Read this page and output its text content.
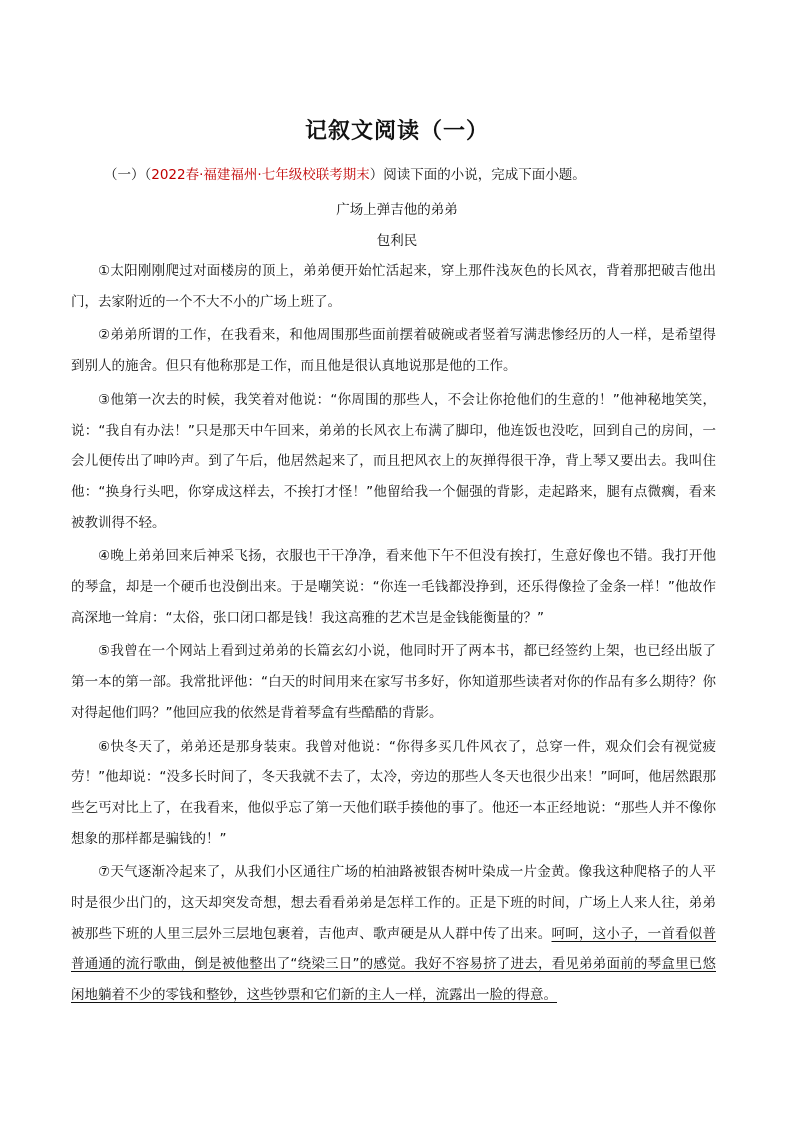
记叙文阅读（一）

（一）（2022春·福建福州·七年级校联考期末）阅读下面的小说，完成下面小题。

广场上弹吉他的弟弟

包利民

①太阳刚刚爬过对面楼房的顶上，弟弟便开始忙活起来，穿上那件浅灰色的长风衣，背着那把破吉他出门，去家附近的一个不大不小的广场上班了。

②弟弟所谓的工作，在我看来，和他周围那些面前摆着破碗或者竖着写满悲惨经历的人一样，是希望得到别人的施舍。但只有他称那是工作，而且他是很认真地说那是他的工作。

③他第一次去的时候，我笑着对他说：“你周围的那些人，不会让你抢他们的生意的！”他神秘地笑笑，说：“我自有办法！”只是那天中午回来，弟弟的长风衣上布满了脚印，他连饭也没吃，回到自己的房间，一会儿便传出了呻吟声。到了午后，他居然起来了，而且把风衣上的灰掸得很干净，背上琴又要出去。我叫住他：“换身行头吧，你穿成这样去，不挨打才怪！”他留给我一个倔强的背影，走起路来，腿有点微瘸，看来被教训得不轻。

④晚上弟弟回来后神采飞扬，衣服也干干净净，看来他下午不但没有挨打，生意好像也不错。我打开他的琴盒，却是一个硬币也没倒出来。于是嘲笑说：“你连一毛钱都没挣到，还乐得像捡了金条一样！”他故作高深地一耸肩：“太俗，张口闭口都是钱！我这高雅的艺术岂是金钱能衡量的？”

⑤我曾在一个网站上看到过弟弟的长篇玄幻小说，他同时开了两本书，都已经签约上架，也已经出版了第一本的第一部。我常批评他：“白天的时间用来在家写书多好，你知道那些读者对你的作品有多么期待？你对得起他们吗？”他回应我的依然是背着琴盒有些酷酷的背影。

⑥快冬天了，弟弟还是那身装束。我曾对他说：“你得多买几件风衣了，总穿一件，观众们会有视觉疲劳！”他却说：“没多长时间了，冬天我就不去了，太冷，旁边的那些人冬天也很少出来！”呵呵，他居然跟那些乞丐对比上了，在我看来，他似乎忘了第一天他们联手揍他的事了。他还一本正经地说：“那些人并不像你想象的那样都是骗钱的！”

⑦天气逐渐冷起来了，从我们小区通往广场的柏油路被银杏树叶染成一片金黄。像我这种爬格子的人平时是很少出门的，这天却突发奇想，想去看看弟弟是怎样工作的。正是下班的时间，广场上人来人往，弟弟被那些下班的人里三层外三层地包裹着，吉他声、歌声硬是从人群中传了出来。呵呵，这小子，一首看似普普通通的流行歌曲，倒是被他整出了“绕梁三日”的感觉。我好不容易挤了进去，看见弟弟面前的琴盒里已悠闲地躺着不少的零钱和整钞，这些钞票和它们新的主人一样，流露出一脸的得意。
